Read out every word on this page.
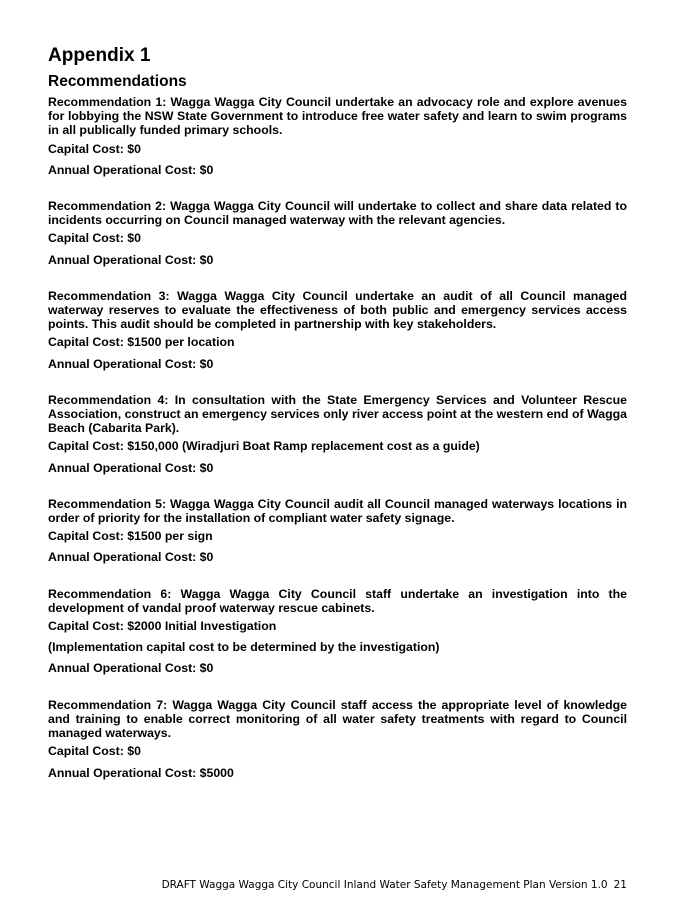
Appendix 1
Recommendations

Recommendation 1: Wagga Wagga City Council undertake an advocacy role and explore avenues for lobbying the NSW State Government to introduce free water safety and learn to swim programs in all publically funded primary schools.

Capital Cost: $0

Annual Operational Cost: $0

Recommendation 2: Wagga Wagga City Council will undertake to collect and share data related to incidents occurring on Council managed waterway with the relevant agencies.

Capital Cost: $0

Annual Operational Cost: $0

Recommendation 3: Wagga Wagga City Council undertake an audit of all Council managed waterway reserves to evaluate the effectiveness of both public and emergency services access points. This audit should be completed in partnership with key stakeholders.

Capital Cost: $1500 per location

Annual Operational Cost: $0

Recommendation 4: In consultation with the State Emergency Services and Volunteer Rescue Association, construct an emergency services only river access point at the western end of Wagga Beach (Cabarita Park).

Capital Cost: $150,000 (Wiradjuri Boat Ramp replacement cost as a guide)

Annual Operational Cost: $0

Recommendation 5: Wagga Wagga City Council audit all Council managed waterways locations in order of priority for the installation of compliant water safety signage.

Capital Cost: $1500 per sign

Annual Operational Cost: $0

Recommendation 6: Wagga Wagga City Council staff undertake an investigation into the development of vandal proof waterway rescue cabinets.

Capital Cost: $2000 Initial Investigation

(Implementation capital cost to be determined by the investigation)

Annual Operational Cost: $0

Recommendation 7: Wagga Wagga City Council staff access the appropriate level of knowledge and training to enable correct monitoring of all water safety treatments with regard to Council managed waterways.

Capital Cost: $0

Annual Operational Cost: $5000

DRAFT Wagga Wagga City Council Inland Water Safety Management Plan Version 1.0 21
